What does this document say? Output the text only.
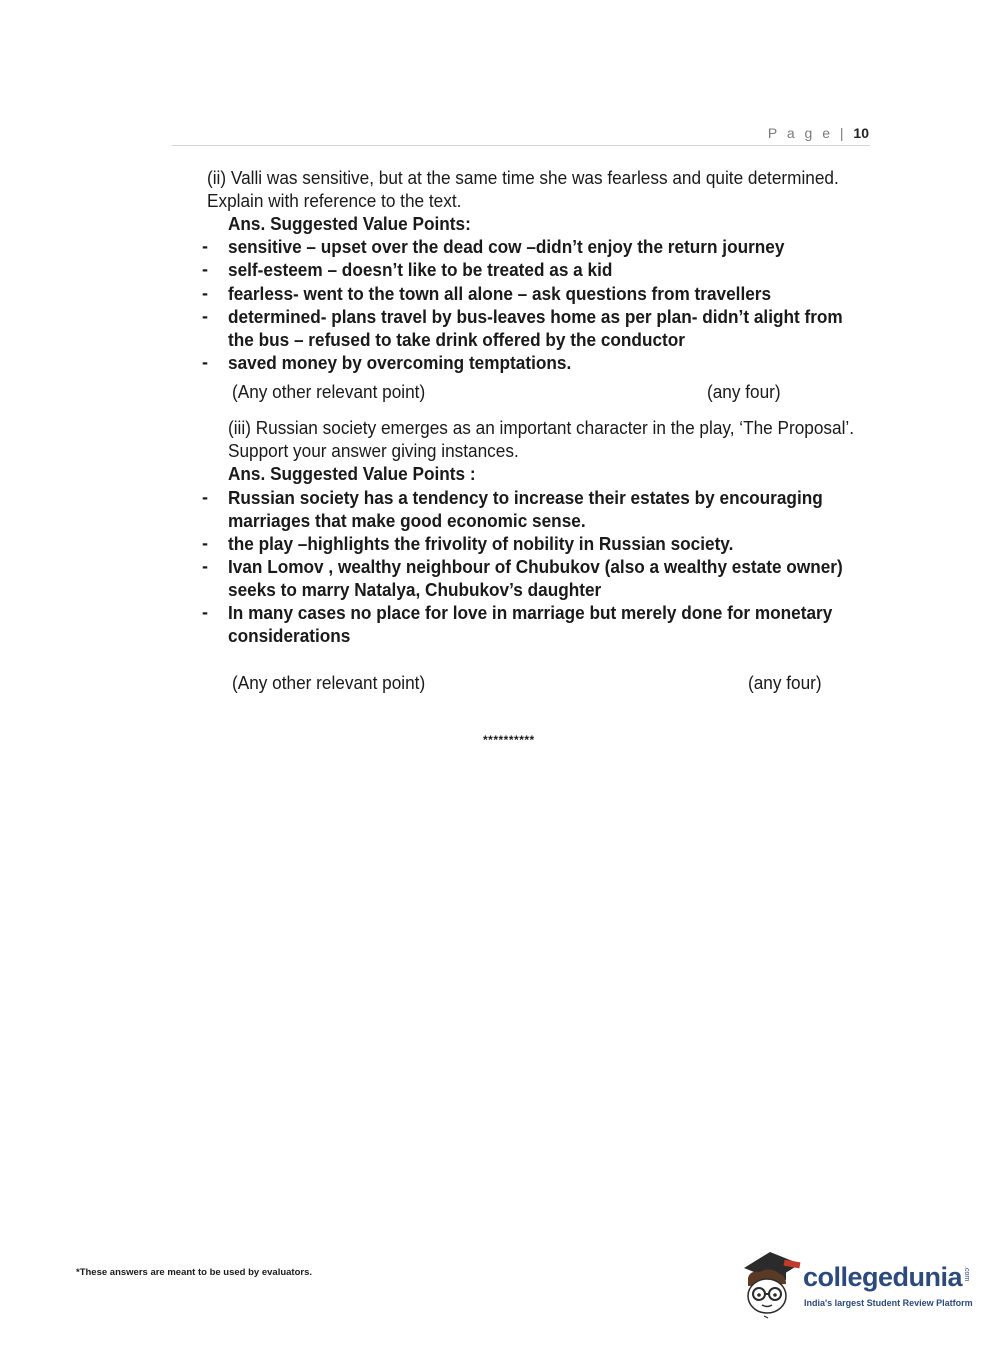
P a g e | 10
(ii) Valli was sensitive, but at the same time she was fearless and quite determined.
Explain with reference to the text.
Ans. Suggested Value Points:
- sensitive – upset over the dead cow –didn’t enjoy the return journey
- self-esteem – doesn’t like to be treated as a kid
- fearless- went to the town all alone – ask questions from travellers
- determined- plans travel by bus-leaves home as per plan- didn’t alight from
the bus – refused to take drink offered by the conductor
- saved money by overcoming temptations.
(Any other relevant point)	(any four)
(iii) Russian society emerges as an important character in the play, ‘The Proposal’.
Support your answer giving instances.
Ans. Suggested Value Points :
- Russian society has a tendency to increase their estates by encouraging
marriages that make good economic sense.
- the play –highlights the frivolity of nobility in Russian society.
- Ivan Lomov , wealthy neighbour of Chubukov (also a wealthy estate owner)
seeks to marry Natalya, Chubukov’s daughter
- In many cases no place for love in marriage but merely done for monetary
considerations
(Any other relevant point)	(any four)
**********
*These answers are meant to be used by evaluators.	collegedunia .com
India's largest Student Review Platform
